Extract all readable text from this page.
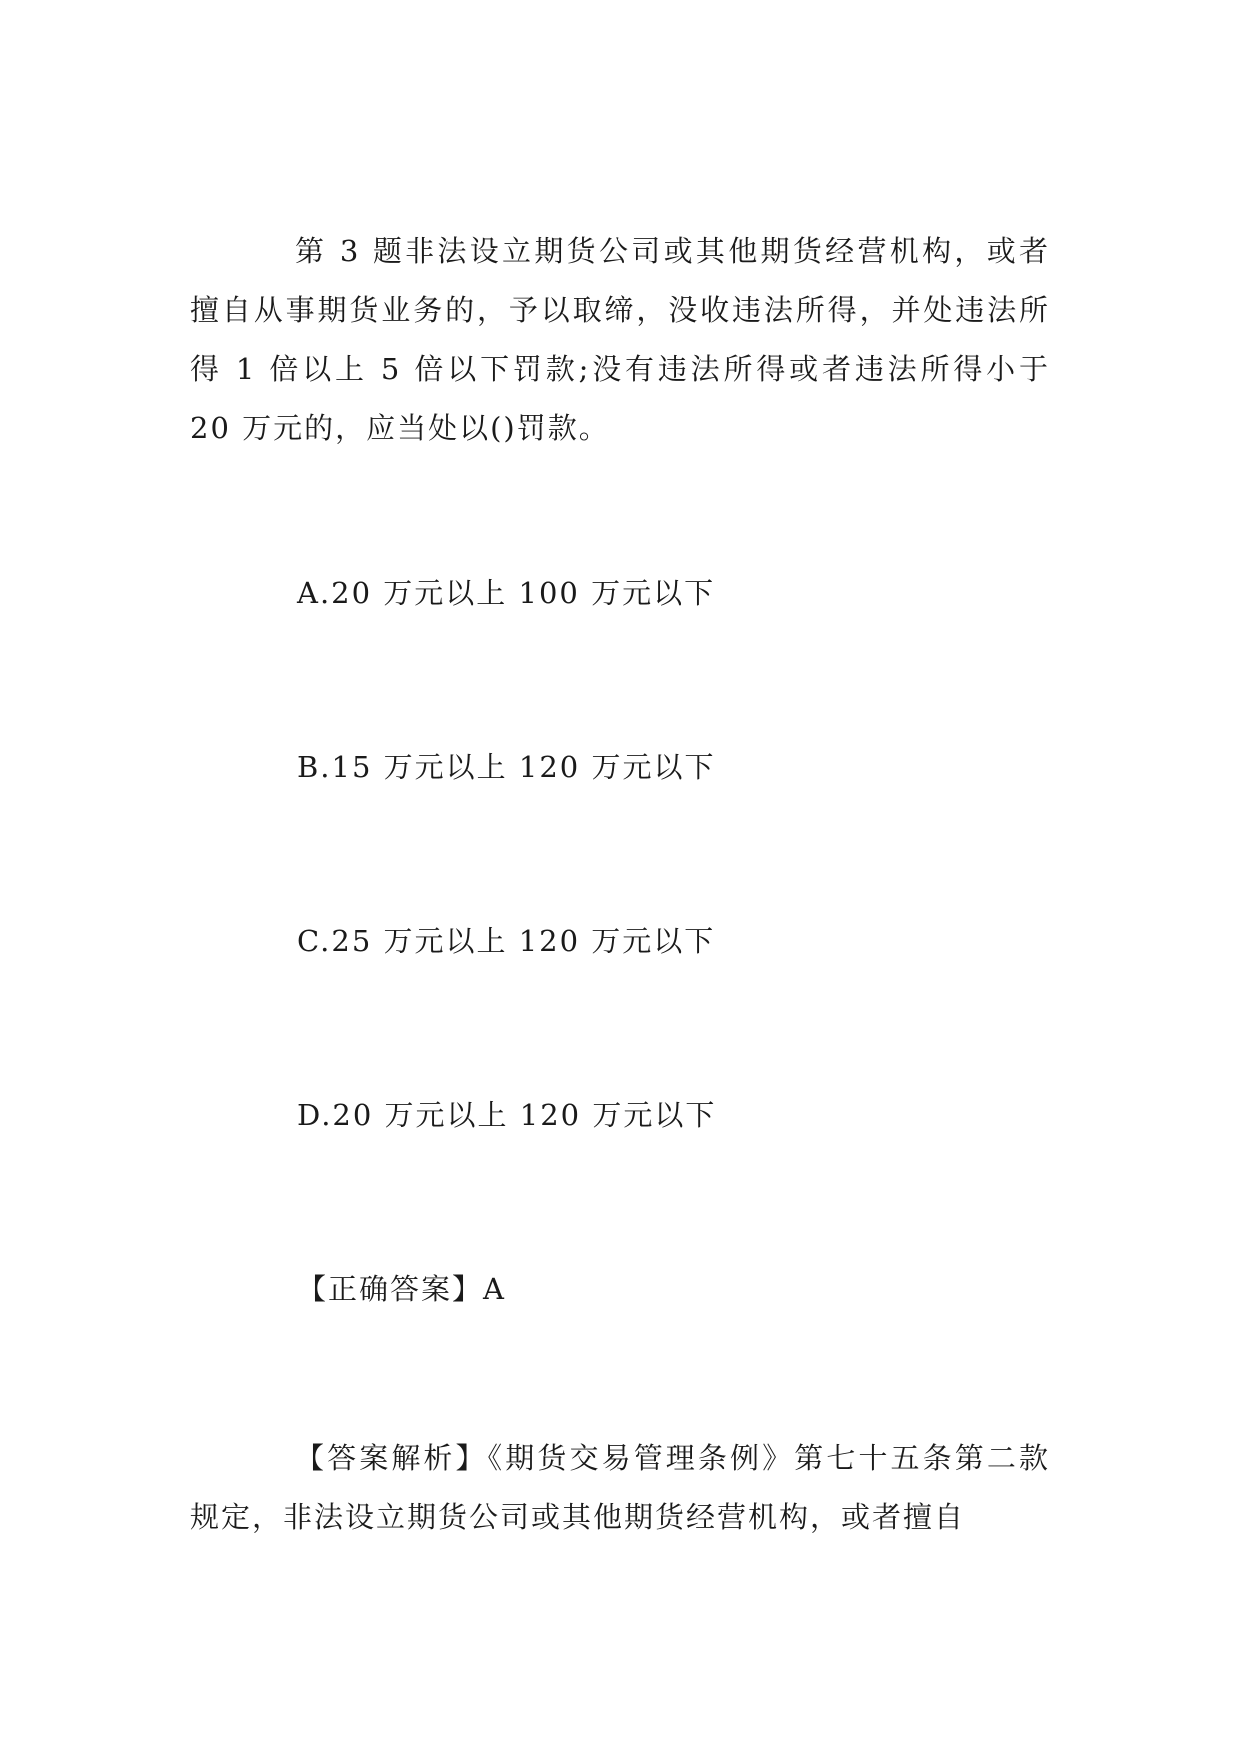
第 3 题非法设立期货公司或其他期货经营机构，或者擅自从事期货业务的，予以取缔，没收违法所得，并处违法所得 1 倍以上 5 倍以下罚款;没有违法所得或者违法所得小于 20 万元的，应当处以()罚款。

A.20 万元以上 100 万元以下

B.15 万元以上 120 万元以下

C.25 万元以上 120 万元以下

D.20 万元以上 120 万元以下

【正确答案】A

【答案解析】《期货交易管理条例》第七十五条第二款规定，非法设立期货公司或其他期货经营机构，或者擅自
